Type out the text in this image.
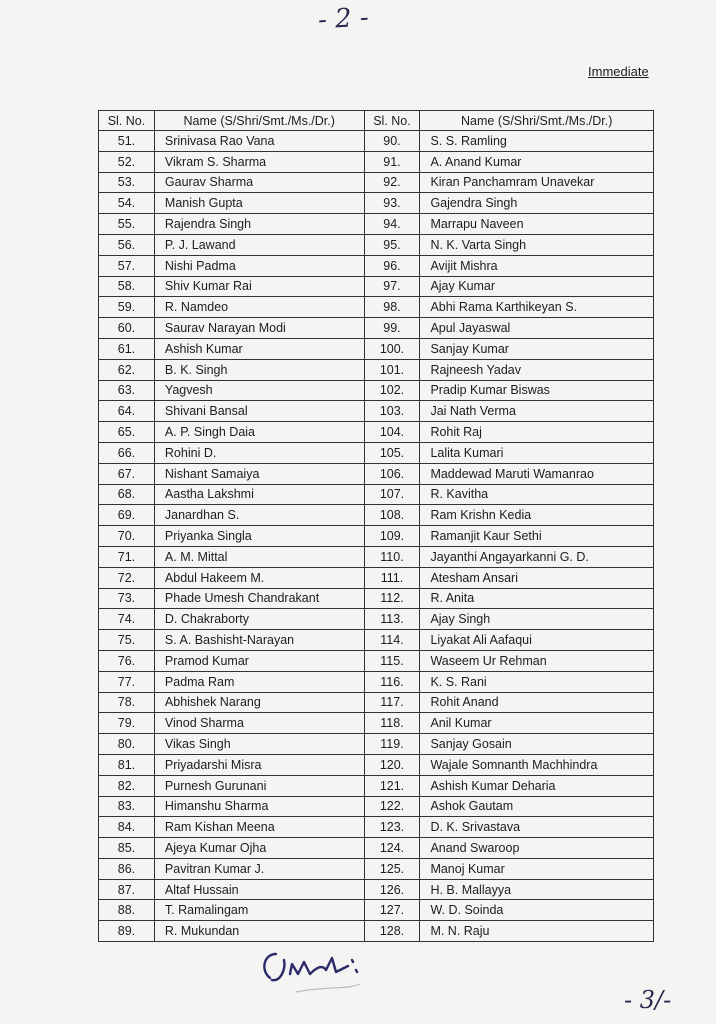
- 2 -
Immediate
Sl. No.	Name (S/Shri/Smt./Ms./Dr.)	Sl. No.	Name (S/Shri/Smt./Ms./Dr.)
51.	Srinivasa Rao Vana	90.	S. S. Ramling
52.	Vikram S. Sharma	91.	A. Anand Kumar
53.	Gaurav Sharma	92.	Kiran Panchamram Unavekar
54.	Manish Gupta	93.	Gajendra Singh
55.	Rajendra Singh	94.	Marrapu Naveen
56.	P. J. Lawand	95.	N. K. Varta Singh
57.	Nishi Padma	96.	Avijit Mishra
58.	Shiv Kumar Rai	97.	Ajay Kumar
59.	R. Namdeo	98.	Abhi Rama Karthikeyan S.
60.	Saurav Narayan Modi	99.	Apul Jayaswal
61.	Ashish Kumar	100.	Sanjay Kumar
62.	B. K. Singh	101.	Rajneesh Yadav
63.	Yagvesh	102.	Pradip Kumar Biswas
64.	Shivani Bansal	103.	Jai Nath Verma
65.	A. P. Singh Daia	104.	Rohit Raj
66.	Rohini D.	105.	Lalita Kumari
67.	Nishant Samaiya	106.	Maddewad Maruti Wamanrao
68.	Aastha Lakshmi	107.	R. Kavitha
69.	Janardhan S.	108.	Ram Krishn Kedia
70.	Priyanka Singla	109.	Ramanjit Kaur Sethi
71.	A. M. Mittal	110.	Jayanthi Angayarkanni G. D.
72.	Abdul Hakeem M.	111.	Atesham Ansari
73.	Phade Umesh Chandrakant	112.	R. Anita
74.	D. Chakraborty	113.	Ajay Singh
75.	S. A. Bashisht-Narayan	114.	Liyakat Ali Aafaqui
76.	Pramod Kumar	115.	Waseem Ur Rehman
77.	Padma Ram	116.	K. S. Rani
78.	Abhishek Narang	117.	Rohit Anand
79.	Vinod Sharma	118.	Anil Kumar
80.	Vikas Singh	119.	Sanjay Gosain
81.	Priyadarshi Misra	120.	Wajale Somnanth Machhindra
82.	Purnesh Gurunani	121.	Ashish Kumar Deharia
83.	Himanshu Sharma	122.	Ashok Gautam
84.	Ram Kishan Meena	123.	D. K. Srivastava
85.	Ajeya Kumar Ojha	124.	Anand Swaroop
86.	Pavitran Kumar J.	125.	Manoj Kumar
87.	Altaf Hussain	126.	H. B. Mallayya
88.	T. Ramalingam	127.	W. D. Soinda
89.	R. Mukundan	128.	M. N. Raju
- 3/-
